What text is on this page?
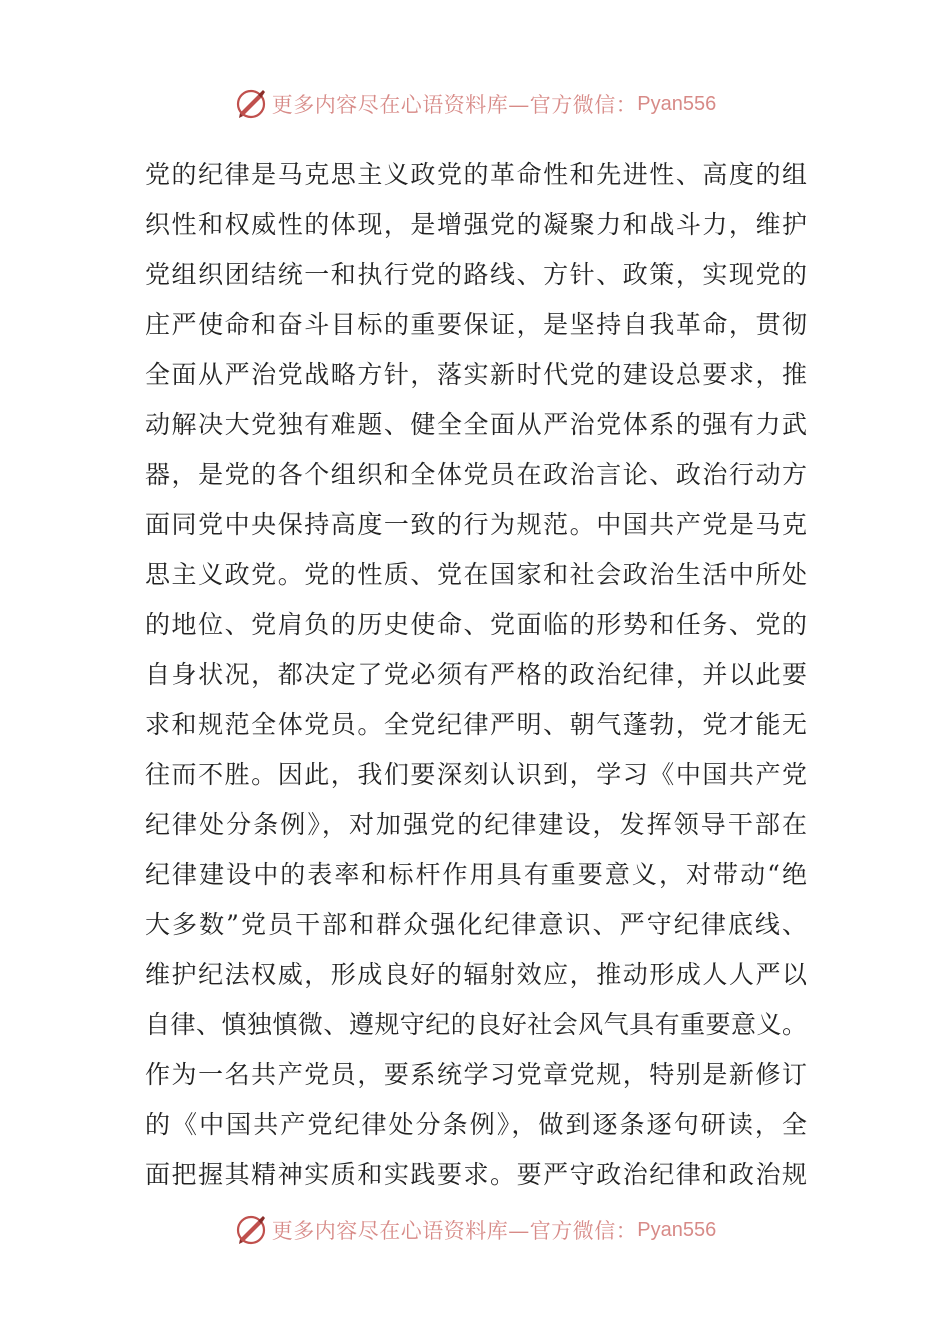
更多内容尽在心语资料库—官方微信： Pyan556
党的纪律是马克思主义政党的革命性和先进性、高度的组
织性和权威性的体现，是增强党的凝聚力和战斗力，维护
党组织团结统一和执行党的路线、方针、政策，实现党的
庄严使命和奋斗目标的重要保证，是坚持自我革命，贯彻
全面从严治党战略方针，落实新时代党的建设总要求，推
动解决大党独有难题、健全全面从严治党体系的强有力武
器，是党的各个组织和全体党员在政治言论、政治行动方
面同党中央保持高度一致的行为规范。中国共产党是马克
思主义政党。党的性质、党在国家和社会政治生活中所处
的地位、党肩负的历史使命、党面临的形势和任务、党的
自身状况，都决定了党必须有严格的政治纪律，并以此要
求和规范全体党员。全党纪律严明、朝气蓬勃，党才能无
往而不胜。因此，我们要深刻认识到，学习《中国共产党
纪律处分条例》，对加强党的纪律建设，发挥领导干部在
纪律建设中的表率和标杆作用具有重要意义，对带动“绝
大多数”党员干部和群众强化纪律意识、严守纪律底线、
维护纪法权威，形成良好的辐射效应，推动形成人人严以
自律、慎独慎微、遵规守纪的良好社会风气具有重要意义。
作为一名共产党员，要系统学习党章党规，特别是新修订
的《中国共产党纪律处分条例》，做到逐条逐句研读，全
面把握其精神实质和实践要求。要严守政治纪律和政治规
更多内容尽在心语资料库—官方微信： Pyan556
